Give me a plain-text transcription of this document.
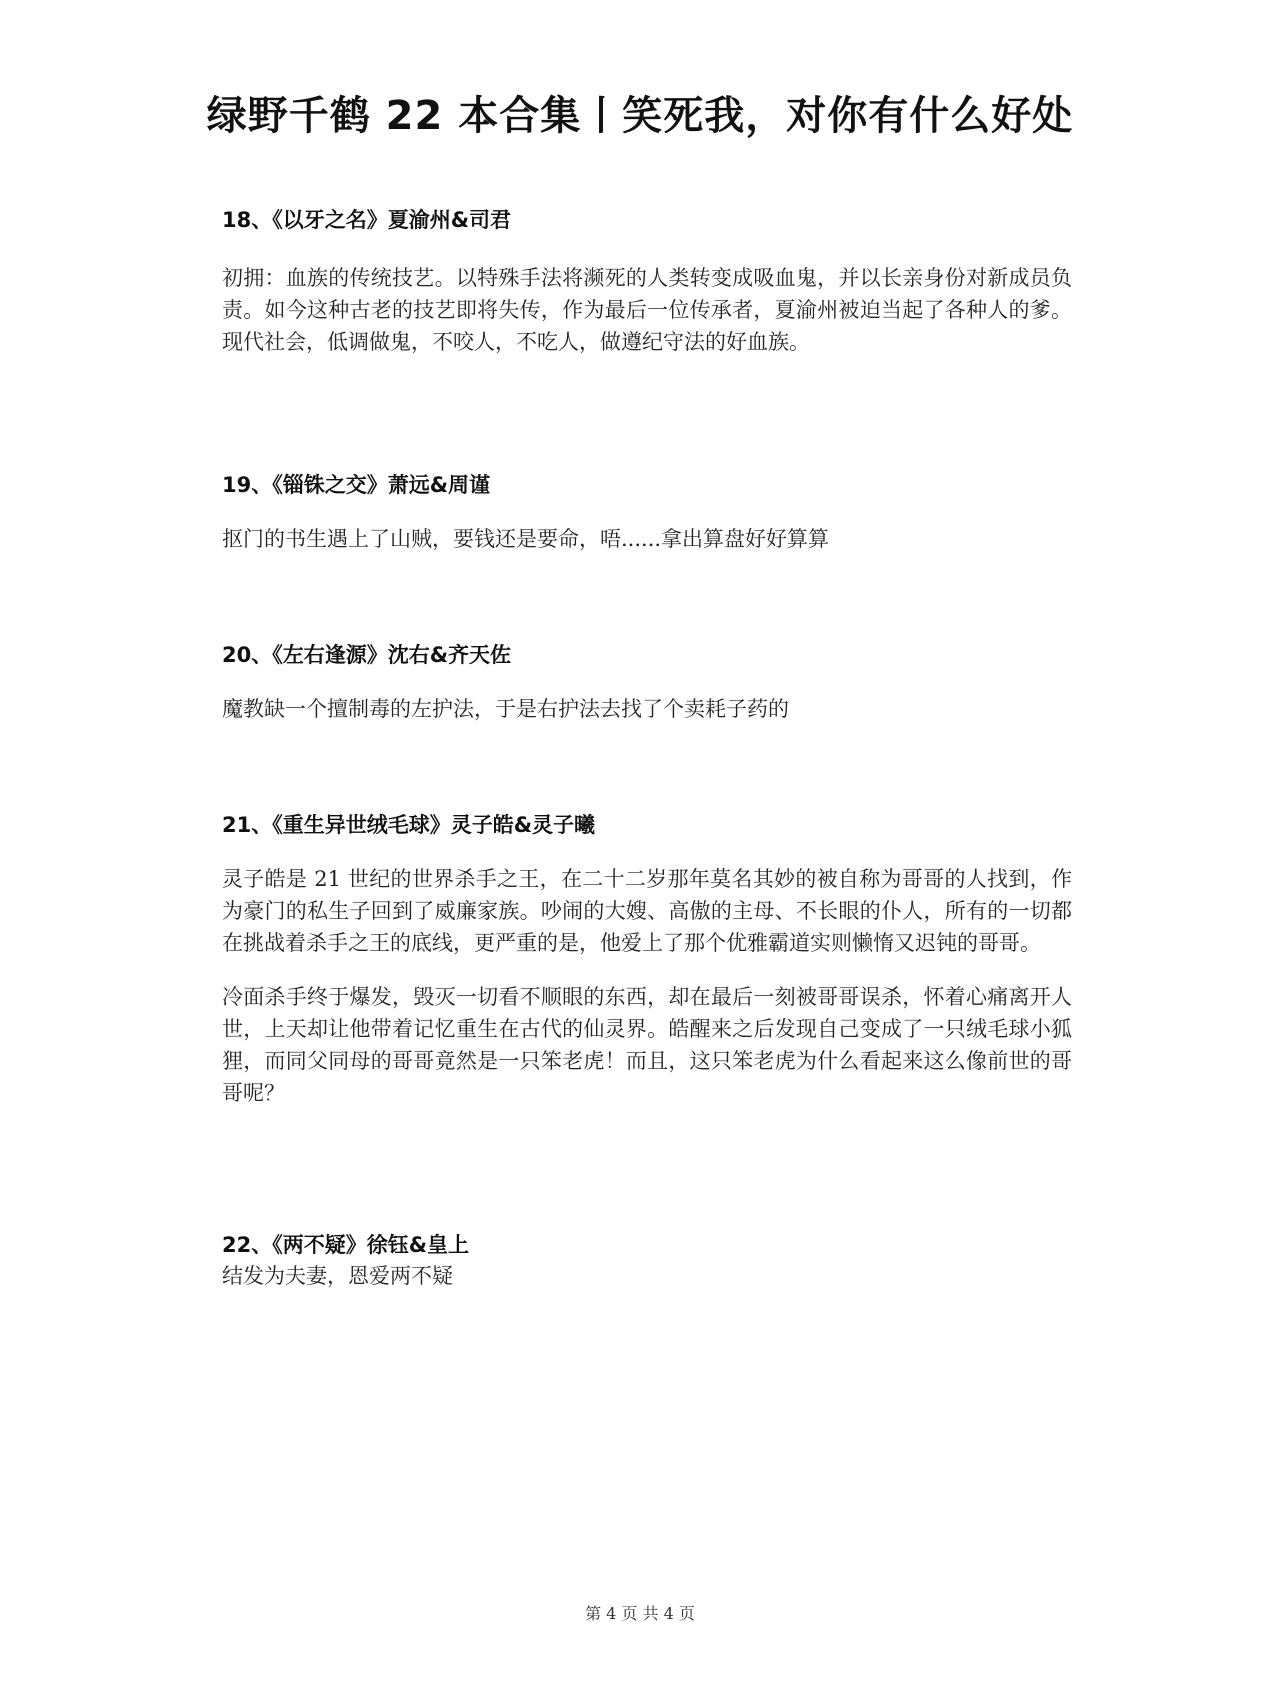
绿野千鹤 22 本合集丨笑死我，对你有什么好处

18、《以牙之名》夏渝州&司君

初拥：血族的传统技艺。以特殊手法将濒死的人类转变成吸血鬼，并以长亲身份对新成员负责。如今这种古老的技艺即将失传，作为最后一位传承者，夏渝州被迫当起了各种人的爹。现代社会，低调做鬼，不咬人，不吃人，做遵纪守法的好血族。

19、《锱铢之交》萧远&周谨

抠门的书生遇上了山贼，要钱还是要命，唔......拿出算盘好好算算

20、《左右逢源》沈右&齐天佐

魔教缺一个擅制毒的左护法，于是右护法去找了个卖耗子药的

21、《重生异世绒毛球》灵子皓&灵子曦

灵子皓是 21 世纪的世界杀手之王，在二十二岁那年莫名其妙的被自称为哥哥的人找到，作为豪门的私生子回到了威廉家族。吵闹的大嫂、高傲的主母、不长眼的仆人，所有的一切都在挑战着杀手之王的底线，更严重的是，他爱上了那个优雅霸道实则懒惰又迟钝的哥哥。

冷面杀手终于爆发，毁灭一切看不顺眼的东西，却在最后一刻被哥哥误杀，怀着心痛离开人世，上天却让他带着记忆重生在古代的仙灵界。皓醒来之后发现自己变成了一只绒毛球小狐狸，而同父同母的哥哥竟然是一只笨老虎！而且，这只笨老虎为什么看起来这么像前世的哥哥呢？

22、《两不疑》徐钰&皇上

结发为夫妻，恩爱两不疑

第 4 页 共 4 页
